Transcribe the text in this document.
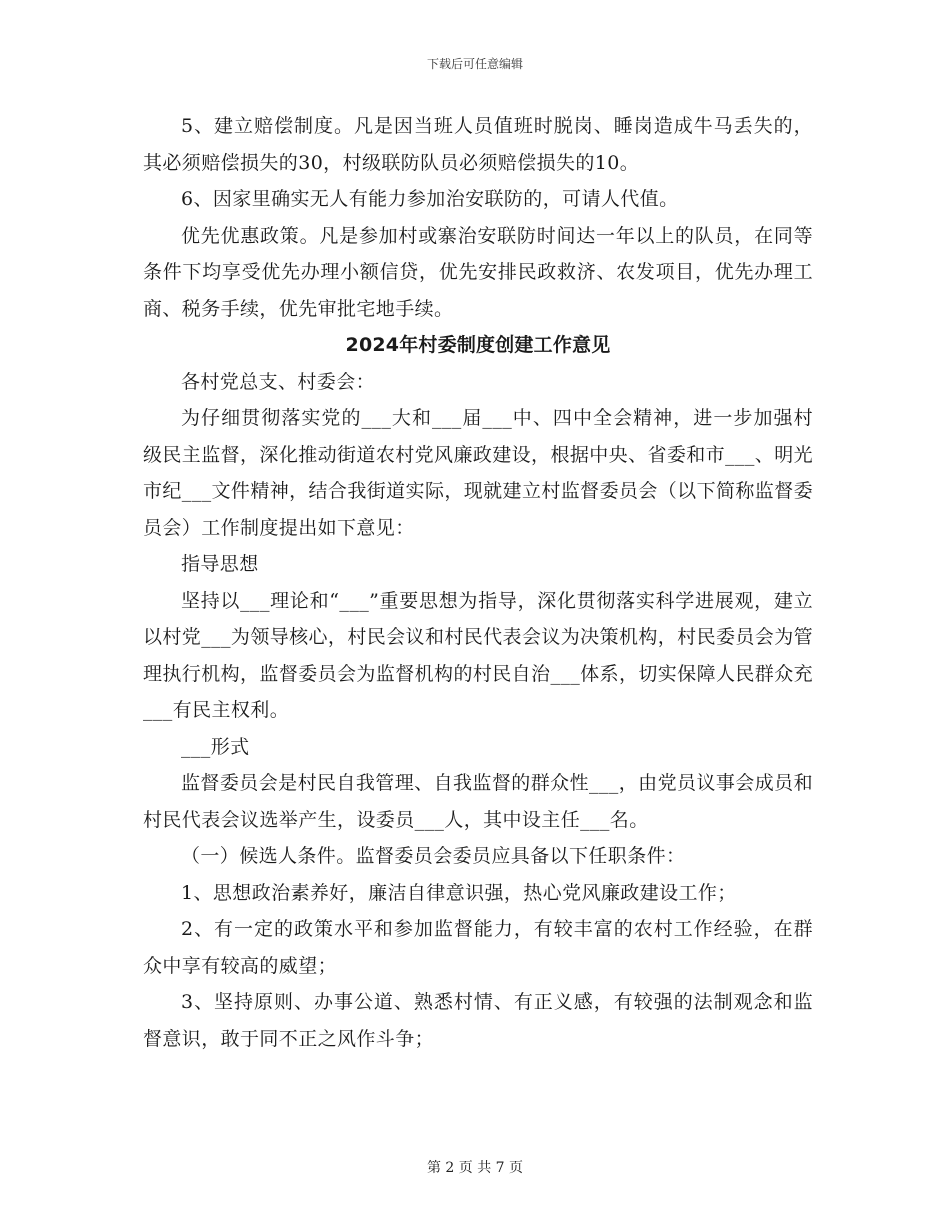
下载后可任意编辑

5、建立赔偿制度。凡是因当班人员值班时脱岗、睡岗造成牛马丢失的，其必须赔偿损失的30，村级联防队员必须赔偿损失的10。

6、因家里确实无人有能力参加治安联防的，可请人代值。

优先优惠政策。凡是参加村或寨治安联防时间达一年以上的队员，在同等条件下均享受优先办理小额信贷，优先安排民政救济、农发项目，优先办理工商、税务手续，优先审批宅地手续。

2024年村委制度创建工作意见

各村党总支、村委会：

为仔细贯彻落实党的___大和___届___中、四中全会精神，进一步加强村级民主监督，深化推动街道农村党风廉政建设，根据中央、省委和市___、明光市纪___文件精神，结合我街道实际，现就建立村监督委员会（以下简称监督委员会）工作制度提出如下意见：

指导思想

坚持以___理论和“___”重要思想为指导，深化贯彻落实科学进展观，建立以村党___为领导核心，村民会议和村民代表会议为决策机构，村民委员会为管理执行机构，监督委员会为监督机构的村民自治___体系，切实保障人民群众充___有民主权利。

___形式

监督委员会是村民自我管理、自我监督的群众性___，由党员议事会成员和村民代表会议选举产生，设委员___人，其中设主任___名。

（一）候选人条件。监督委员会委员应具备以下任职条件：

1、思想政治素养好，廉洁自律意识强，热心党风廉政建设工作；

2、有一定的政策水平和参加监督能力，有较丰富的农村工作经验，在群众中享有较高的威望；

3、坚持原则、办事公道、熟悉村情、有正义感，有较强的法制观念和监督意识，敢于同不正之风作斗争；

第 2 页 共 7 页
